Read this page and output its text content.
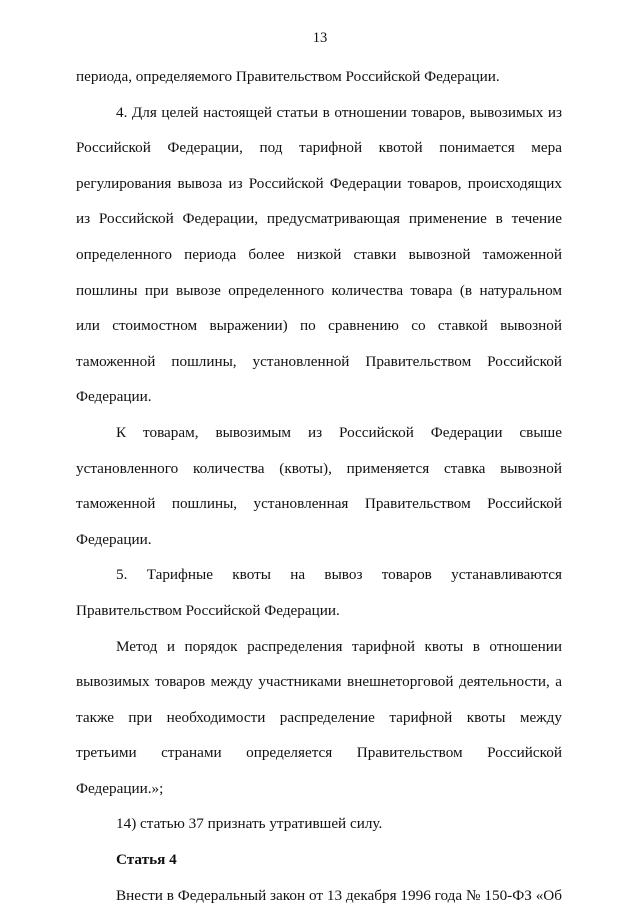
13

периода, определяемого Правительством Российской Федерации.

4. Для целей настоящей статьи в отношении товаров, вывозимых из Российской Федерации, под тарифной квотой понимается мера регулирования вывоза из Российской Федерации товаров, происходящих из Российской Федерации, предусматривающая применение в течение определенного периода более низкой ставки вывозной таможенной пошлины при вывозе определенного количества товара (в натуральном или стоимостном выражении) по сравнению со ставкой вывозной таможенной пошлины, установленной Правительством Российской Федерации.

К товарам, вывозимым из Российской Федерации свыше установленного количества (квоты), применяется ставка вывозной таможенной пошлины, установленная Правительством Российской Федерации.

5. Тарифные квоты на вывоз товаров устанавливаются Правительством Российской Федерации.

Метод и порядок распределения тарифной квоты в отношении вывозимых товаров между участниками внешнеторговой деятельности, а также при необходимости распределение тарифной квоты между третьими странами определяется Правительством Российской Федерации.»;

14) статью 37 признать утратившей силу.

Статья 4

Внести в Федеральный закон от 13 декабря 1996 года № 150-ФЗ «Об
